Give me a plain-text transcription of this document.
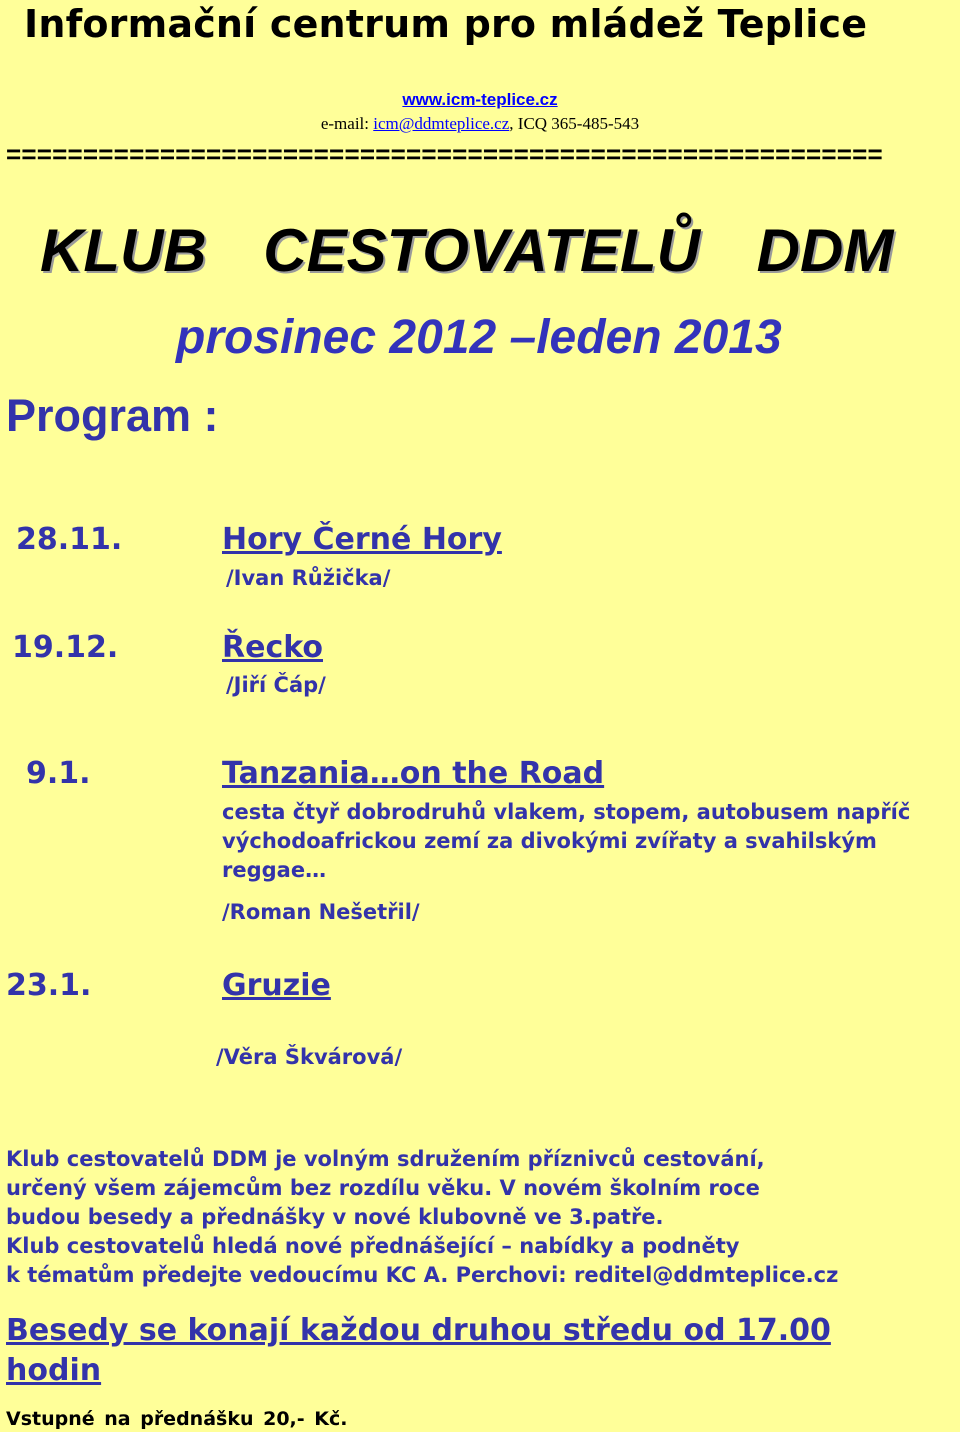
Informační centrum pro mládež Teplice
www.icm-teplice.cz
e-mail: icm@ddmteplice.cz, ICQ 365-485-543
=========================================================
KLUB CESTOVATELŮ DDM
prosinec 2012 –leden 2013
Program :
28.11.	Hory Černé Hory
/Ivan Růžička/
19.12.	Řecko
/Jiří Čáp/
9.1.	Tanzania…on the Road
cesta čtyř dobrodruhů vlakem, stopem, autobusem napříč východoafrickou zemí za divokými zvířaty a svahilským reggae…
/Roman Nešetřil/
23.1.	Gruzie
/Věra Škvárová/
Klub cestovatelů DDM je volným sdružením příznivců cestování,
určený všem zájemcům bez rozdílu věku. V novém školním roce
budou besedy a přednášky v nové klubovně ve 3.patře.
Klub cestovatelů hledá nové přednášející – nabídky a podněty
k tématům předejte vedoucímu KC A. Perchovi: reditel@ddmteplice.cz
Besedy se konají každou druhou středu od 17.00 hodin
Vstupné na přednášku 20,- Kč.
